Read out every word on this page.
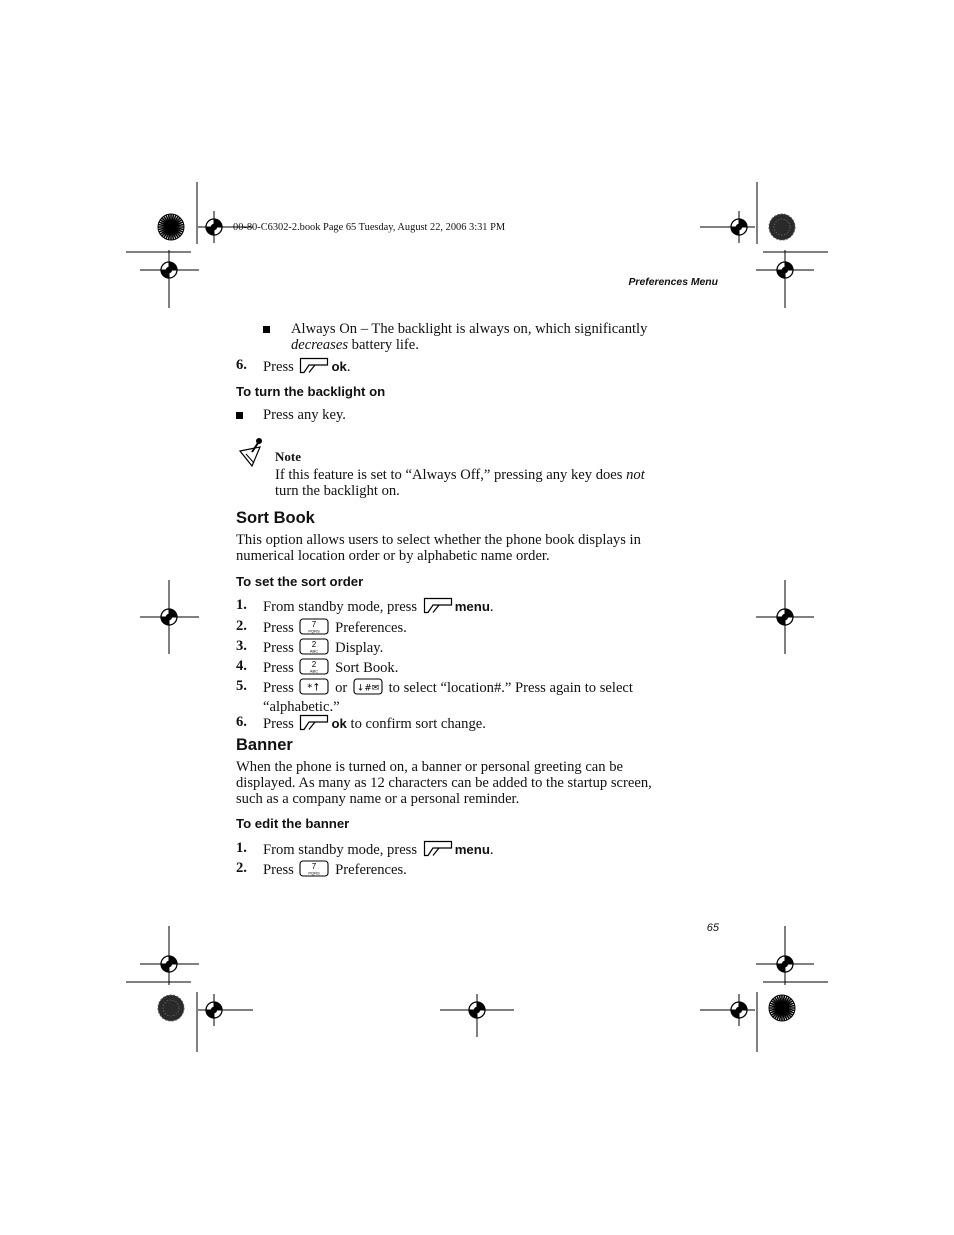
00-80-C6302-2.book Page 65 Tuesday, August 22, 2006 3:31 PM
Preferences Menu
Always On – The backlight is always on, which significantly
decreases battery life.
6. Press	ok.
To turn the backlight on
Press any key.
Note
If this feature is set to “Always Off,” pressing any key does not
turn the backlight on.
Sort Book
This option allows users to select whether the phone book displays in
numerical location order or by alphabetic name order.
To set the sort order
1. From standby mode, press	menu.
2. Press 7
PQRS Preferences.
3. Press 2
ABC Display.
4. Press 2
ABC Sort Book.
5. Press *↑ or ↓#✉ to select “location#.” Press again to select
“alphabetic.”
6. Press	ok to confirm sort change.
Banner
When the phone is turned on, a banner or personal greeting can be
displayed. As many as 12 characters can be added to the startup screen,
such as a company name or a personal reminder.
To edit the banner
1. From standby mode, press	menu.
2. Press 7
PQRS Preferences.
65
